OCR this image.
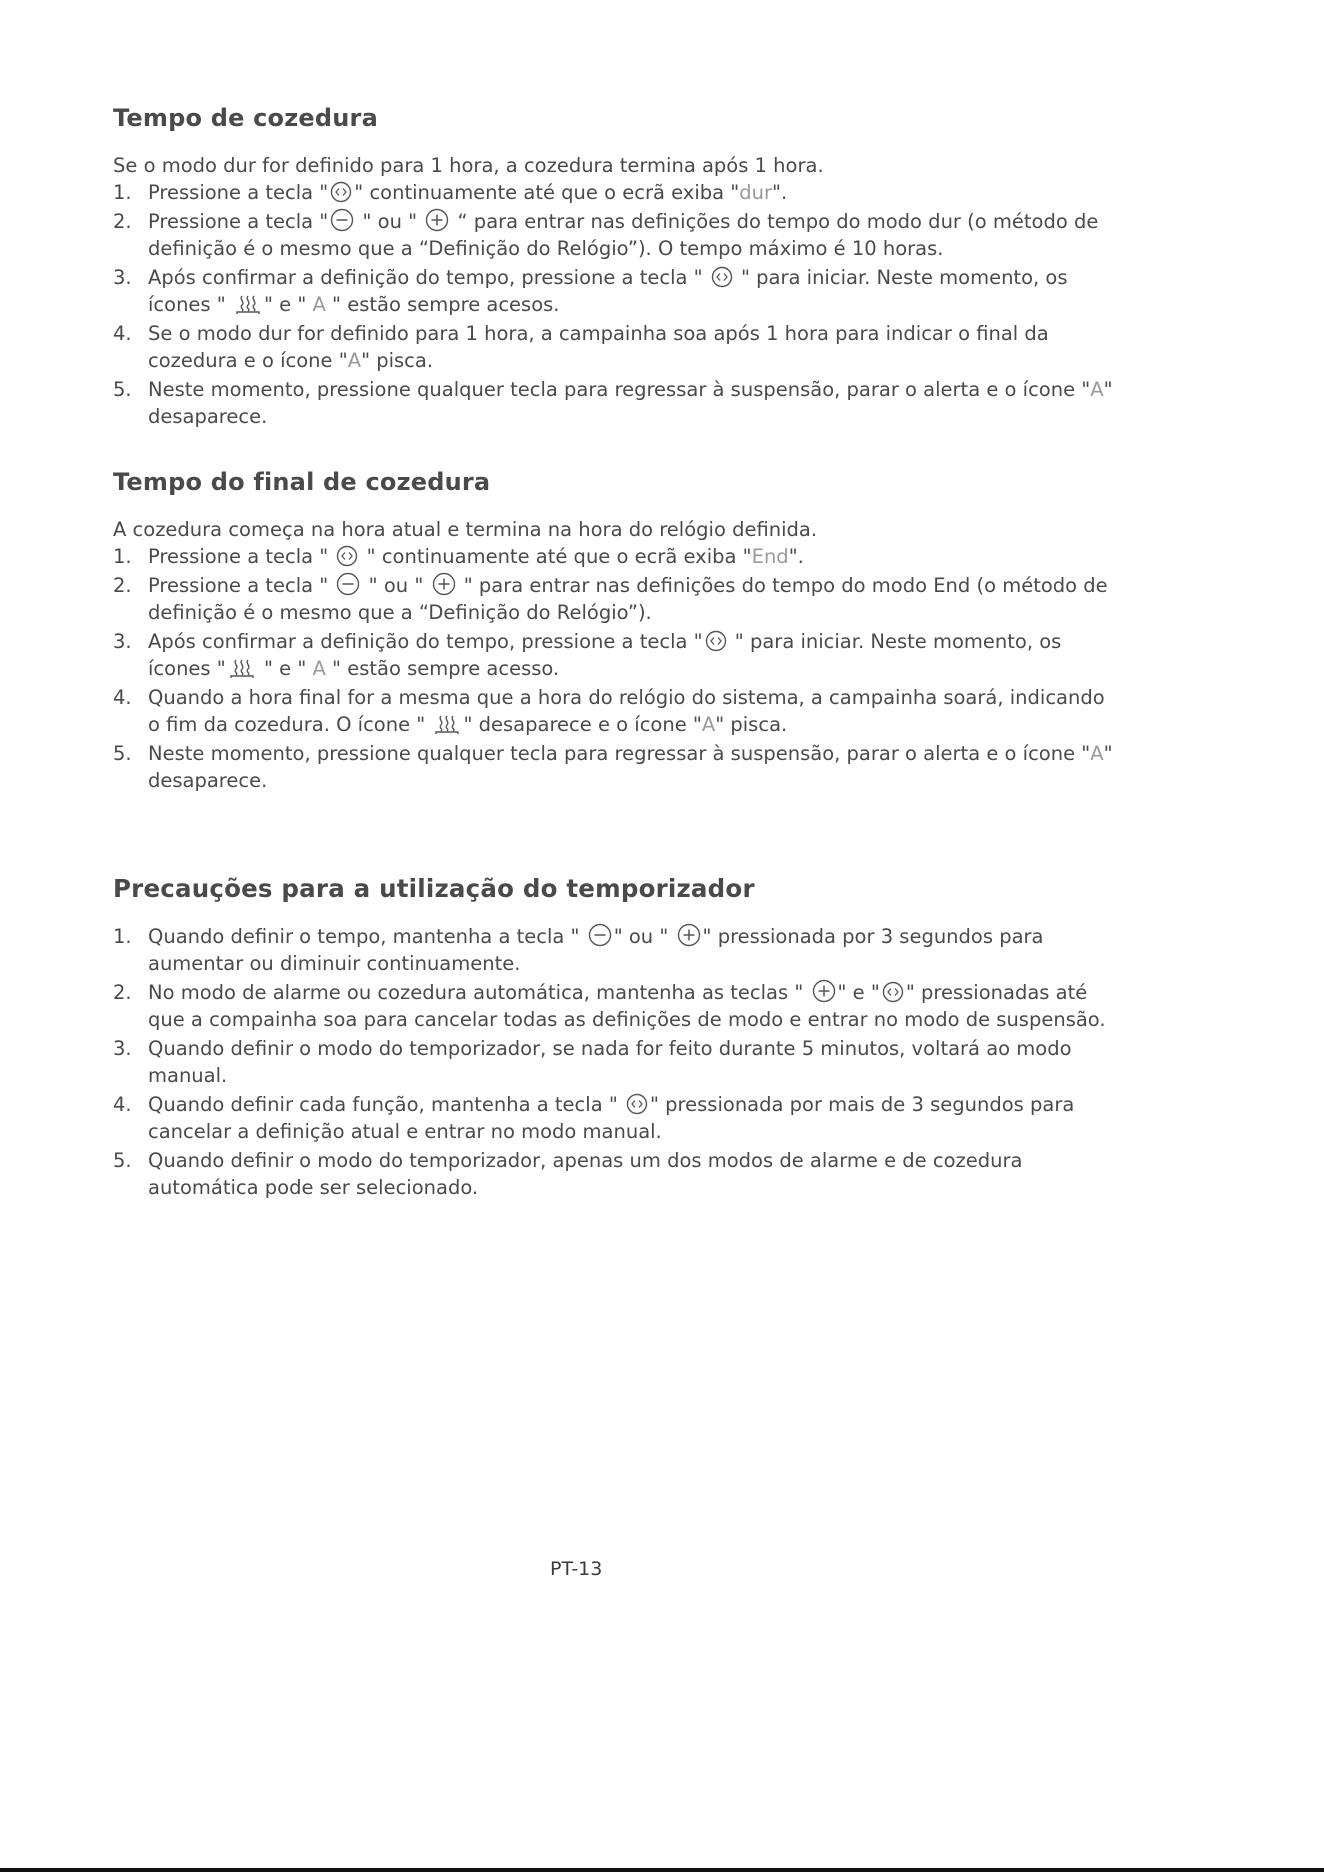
Tempo de cozedura

Se o modo dur for definido para 1 hora, a cozedura termina após 1 hora.

1. Pressione a tecla " " continuamente até que o ecrã exiba "dur".
2. Pressione a tecla "
" ou "
“ para entrar nas definições do tempo do modo dur (o método de definição é o mesmo que a “Definição do Relógio”). O tempo máximo é 10 horas.
3. Após confirmar a definição do tempo, pressione a tecla "
" para iniciar. Neste momento, os ícones "
" e " A " estão sempre acesos.
4. Se o modo dur for definido para 1 hora, a campainha soa após 1 hora para indicar o final da cozedura e o ícone "A" pisca.
5. Neste momento, pressione qualquer tecla para regressar à suspensão, parar o alerta e o ícone "A" desaparece.
Tempo do final de cozedura

A cozedura começa na hora atual e termina na hora do relógio definida.

1. Pressione a tecla "
" continuamente até que o ecrã exiba "End".
2. Pressione a tecla "
" ou "
" para entrar nas definições do tempo do modo End (o método de definição é o mesmo que a “Definição do Relógio”).
3. Após confirmar a definição do tempo, pressione a tecla "
" para iniciar. Neste momento, os ícones "
" e " A " estão sempre acesso.
4. Quando a hora final for a mesma que a hora do relógio do sistema, a campainha soará, indicando o fim da cozedura. O ícone "
" desaparece e o ícone "A" pisca.
5. Neste momento, pressione qualquer tecla para regressar à suspensão, parar o alerta e o ícone "A" desaparece.
Precauções para a utilização do temporizador
1. Quando definir o tempo, mantenha a tecla "
" ou "
" pressionada por 3 segundos para aumentar ou diminuir continuamente.
2. No modo de alarme ou cozedura automática, mantenha as teclas "
" e " " pressionadas até que a compainha soa para cancelar todas as definições de modo e entrar no modo de suspensão.
3. Quando definir o modo do temporizador, se nada for feito durante 5 minutos, voltará ao modo manual.
4. Quando definir cada função, mantenha a tecla "
" pressionada por mais de 3 segundos para cancelar a definição atual e entrar no modo manual.
5. Quando definir o modo do temporizador, apenas um dos modos de alarme e de cozedura automática pode ser selecionado.
PT-13
